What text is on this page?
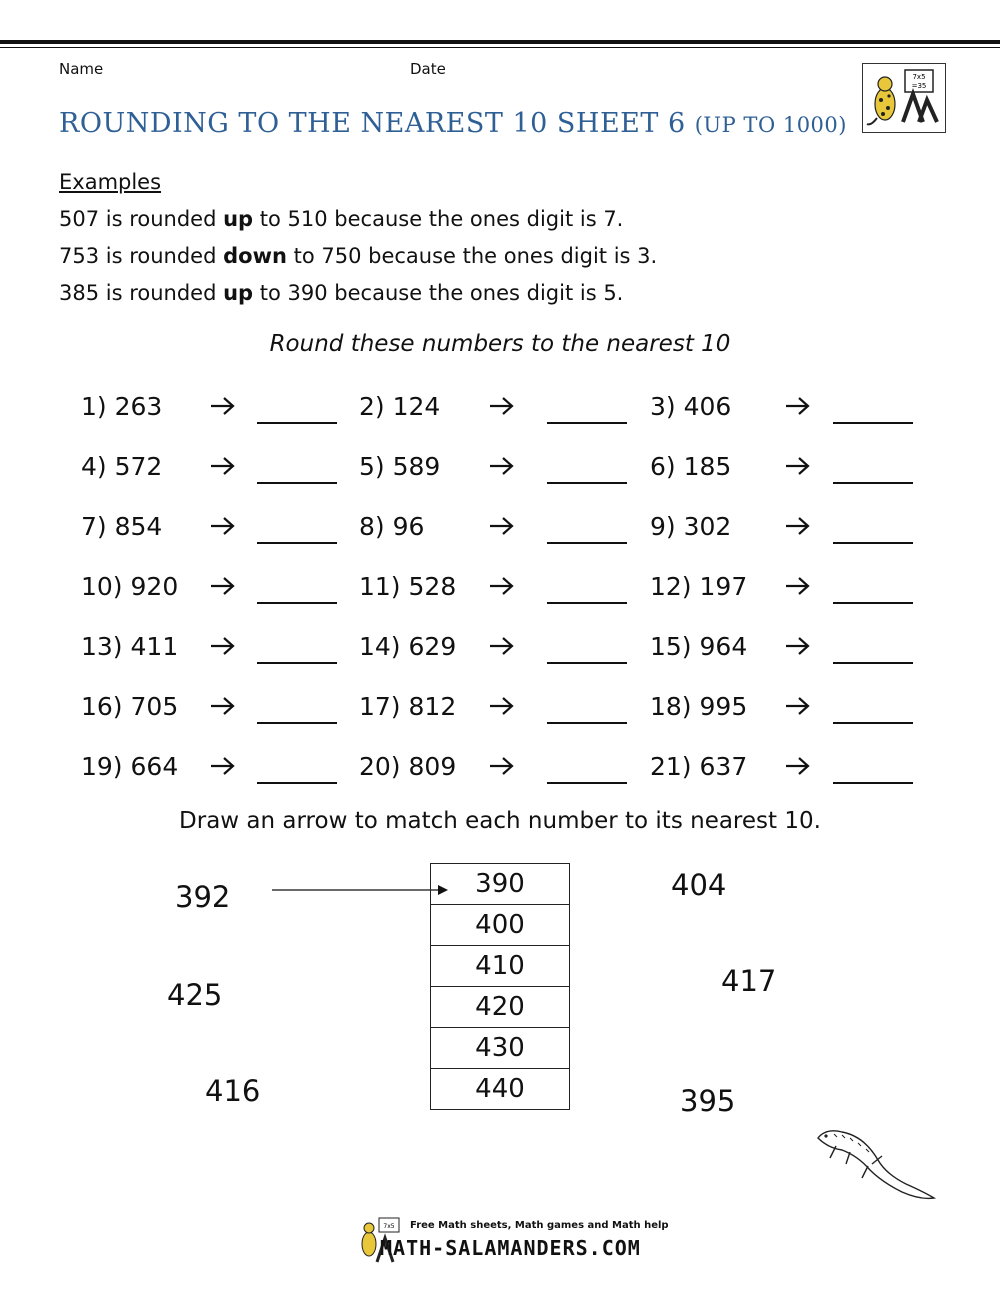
Name	Date
ROUNDING TO THE NEAREST 10 SHEET 6 (UP TO 1000)
7x5
=35
Examples
507 is rounded up to 510 because the ones digit is 7.
753 is rounded down to 750 because the ones digit is 3.
385 is rounded up to 390 because the ones digit is 5.
Round these numbers to the nearest 10
1) 263	2) 124	3) 406
4) 572	5) 589	6) 185
7) 854	8) 96	9) 302
10) 920	11) 528	12) 197
13) 411	14) 629	15) 964
16) 705	17) 812	18) 995
19) 664	20) 809	21) 637
Draw an arrow to match each number to its nearest 10.
392
425
416
390
400
410
420
430
440
404
417
395
7x5 Free Math sheets, Math games and Math help
MATH-SALAMANDERS.COM
